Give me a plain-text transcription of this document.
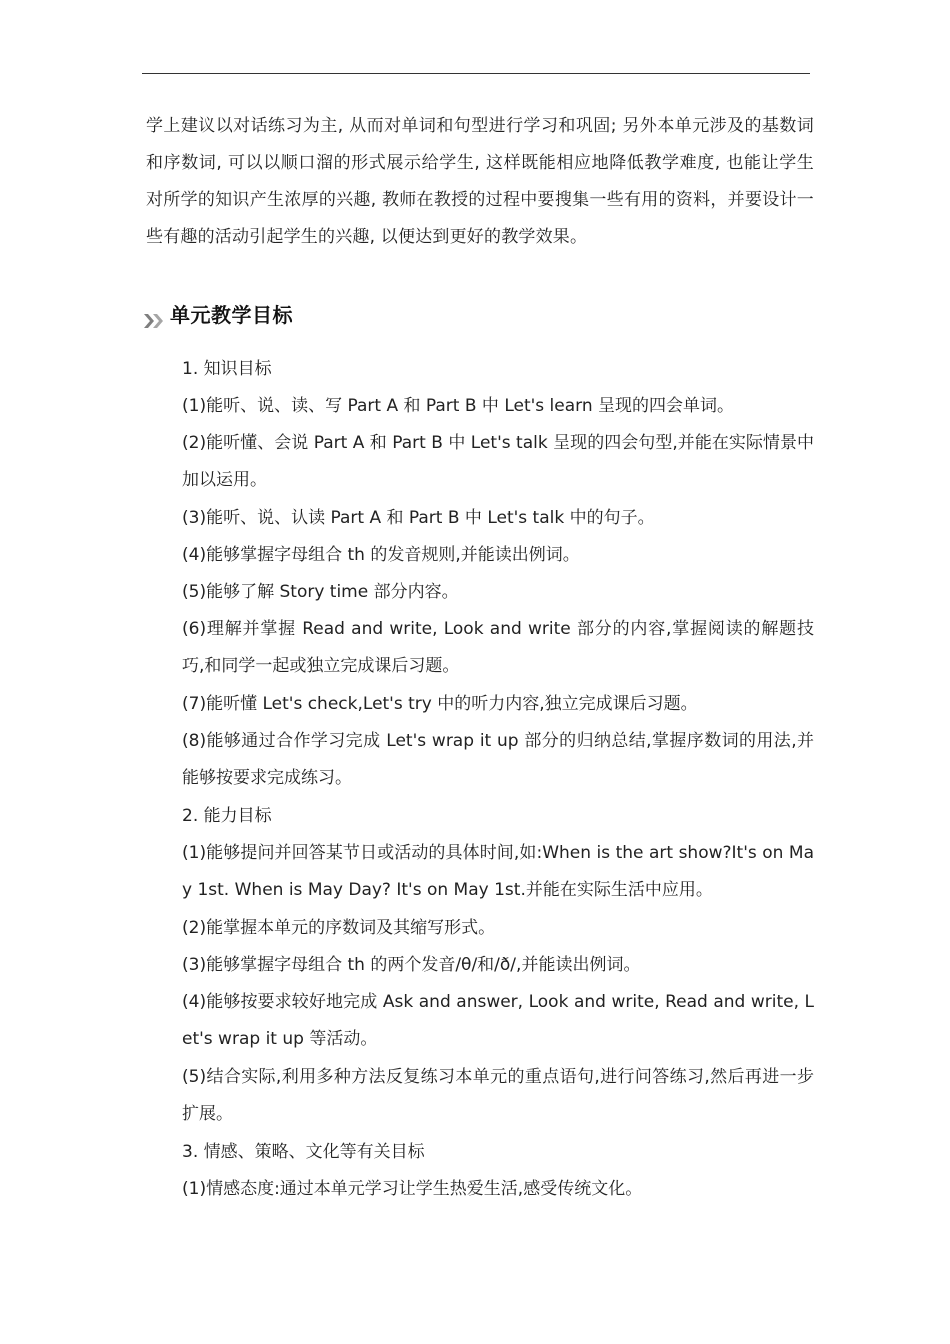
学上建议以对话练习为主, 从而对单词和句型进行学习和巩固; 另外本单元涉及的基数词和序数词, 可以以顺口溜的形式展示给学生, 这样既能相应地降低教学难度, 也能让学生对所学的知识产生浓厚的兴趣, 教师在教授的过程中要搜集一些有用的资料，并要设计一些有趣的活动引起学生的兴趣, 以便达到更好的教学效果。

单元教学目标

1. 知识目标

(1)能听、说、读、写 Part A 和 Part B 中 Let's learn 呈现的四会单词。

(2)能听懂、会说 Part A 和 Part B 中 Let's talk 呈现的四会句型,并能在实际情景中加以运用。

(3)能听、说、认读 Part A 和 Part B 中 Let's talk 中的句子。

(4)能够掌握字母组合 th 的发音规则,并能读出例词。

(5)能够了解 Story time 部分内容。

(6)理解并掌握 Read and write, Look and write 部分的内容,掌握阅读的解题技巧,和同学一起或独立完成课后习题。

(7)能听懂 Let's check,Let's try 中的听力内容,独立完成课后习题。

(8)能够通过合作学习完成 Let's wrap it up 部分的归纳总结,掌握序数词的用法,并能够按要求完成练习。

2. 能力目标

(1)能够提问并回答某节日或活动的具体时间,如:When is the art show?It's on May 1st. When is May Day? It's on May 1st.并能在实际生活中应用。

(2)能掌握本单元的序数词及其缩写形式。

(3)能够掌握字母组合 th 的两个发音/θ/和/ð/,并能读出例词。

(4)能够按要求较好地完成 Ask and answer, Look and write, Read and write, Let's wrap it up 等活动。

(5)结合实际,利用多种方法反复练习本单元的重点语句,进行问答练习,然后再进一步扩展。

3. 情感、策略、文化等有关目标

(1)情感态度:通过本单元学习让学生热爱生活,感受传统文化。
